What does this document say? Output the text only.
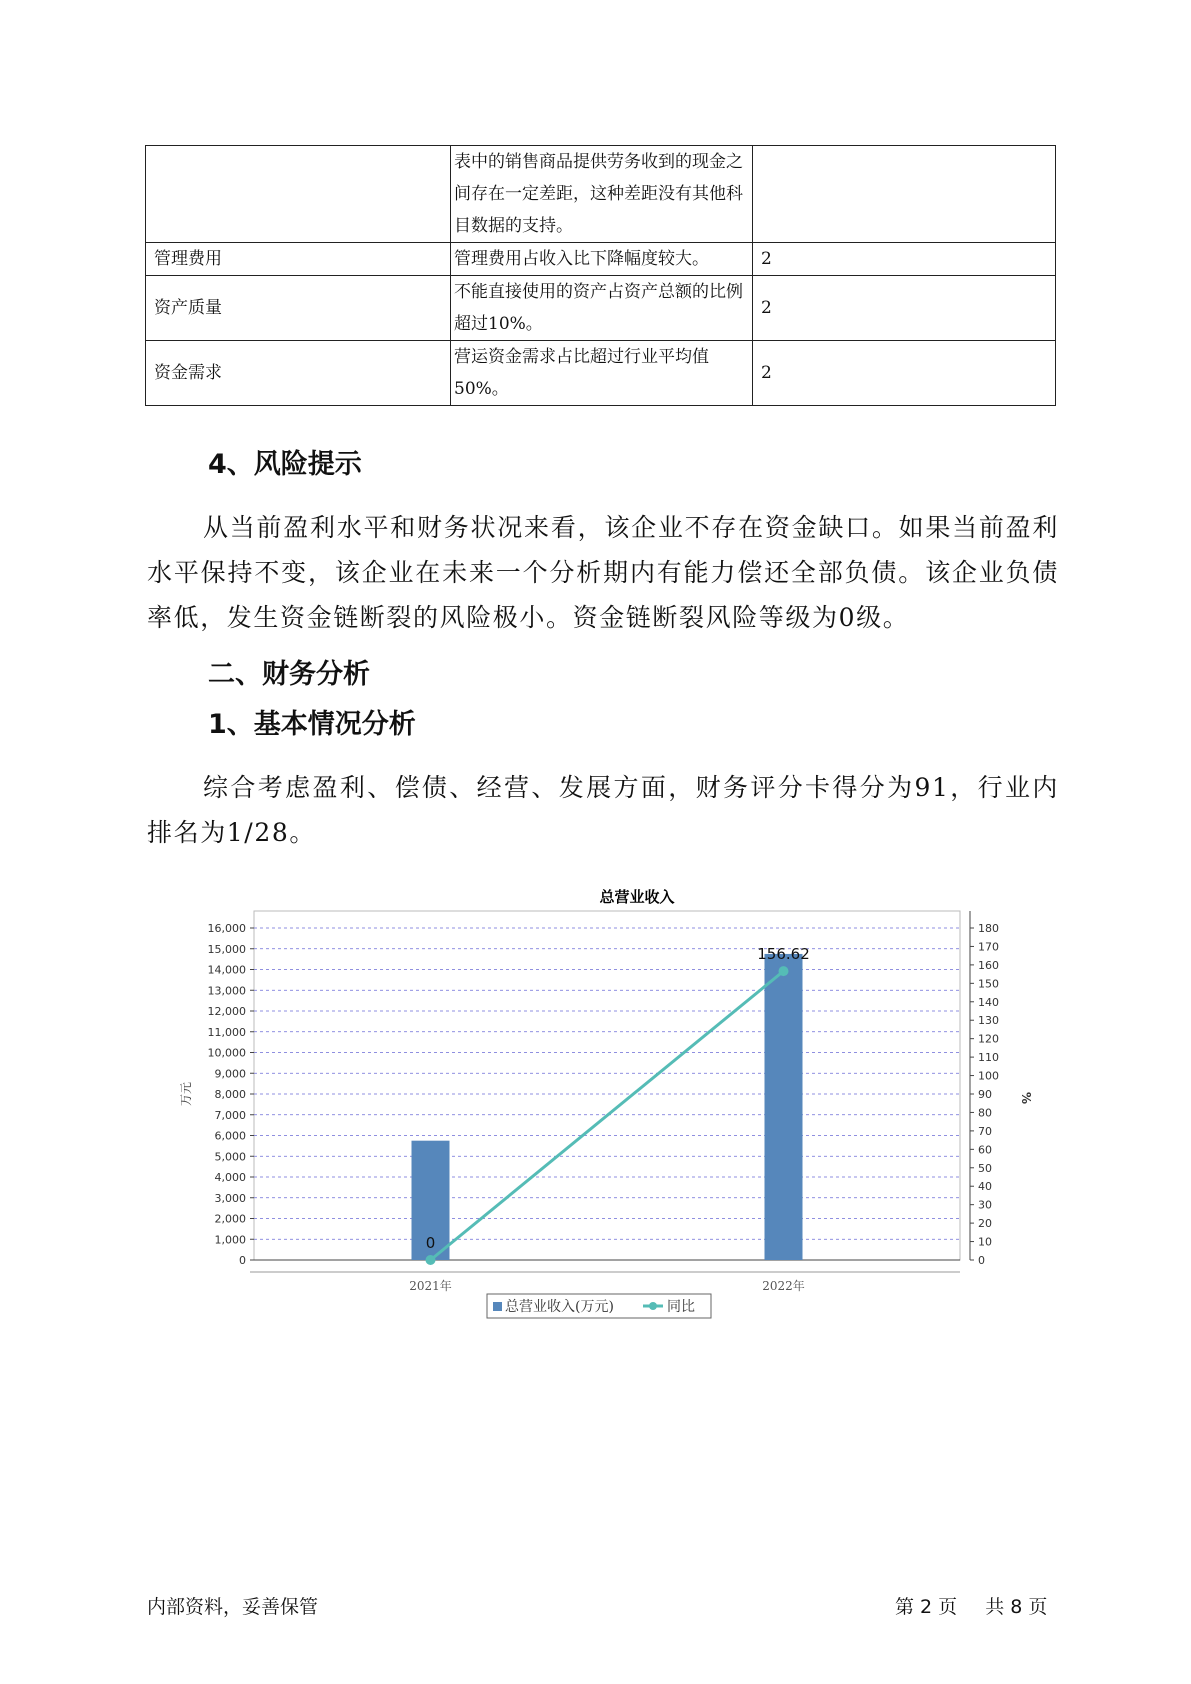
	表中的销售商品提供劳务收到的现金之间存在一定差距，这种差距没有其他科目数据的支持。	
管理费用	管理费用占收入比下降幅度较大。	2
资产质量	不能直接使用的资产占资产总额的比例超过10%。	2
资金需求	营运资金需求占比超过行业平均值50%。	2
4、风险提示

从当前盈利水平和财务状况来看，该企业不存在资金缺口。如果当前盈利水平保持不变，该企业在未来一个分析期内有能力偿还全部负债。该企业负债率低，发生资金链断裂的风险极小。资金链断裂风险等级为0级。

二、财务分析
1、基本情况分析

综合考虑盈利、偿债、经营、发展方面，财务评分卡得分为91，行业内排名为1/28。

总营业收入
0
1,000
2,000
3,000
4,000
5,000
6,000
7,000
8,000
9,000
10,000
11,000
12,000
13,000
14,000
15,000
16,000
0
10
20
30
40
50
60
70
80
90
100
110
120
130
140
150
160
170
180
万元	%
2021年	2022年
0
156.62
总营业收入(万元)	同比
内部资料，妥善保管	第 2 页 共 8 页
